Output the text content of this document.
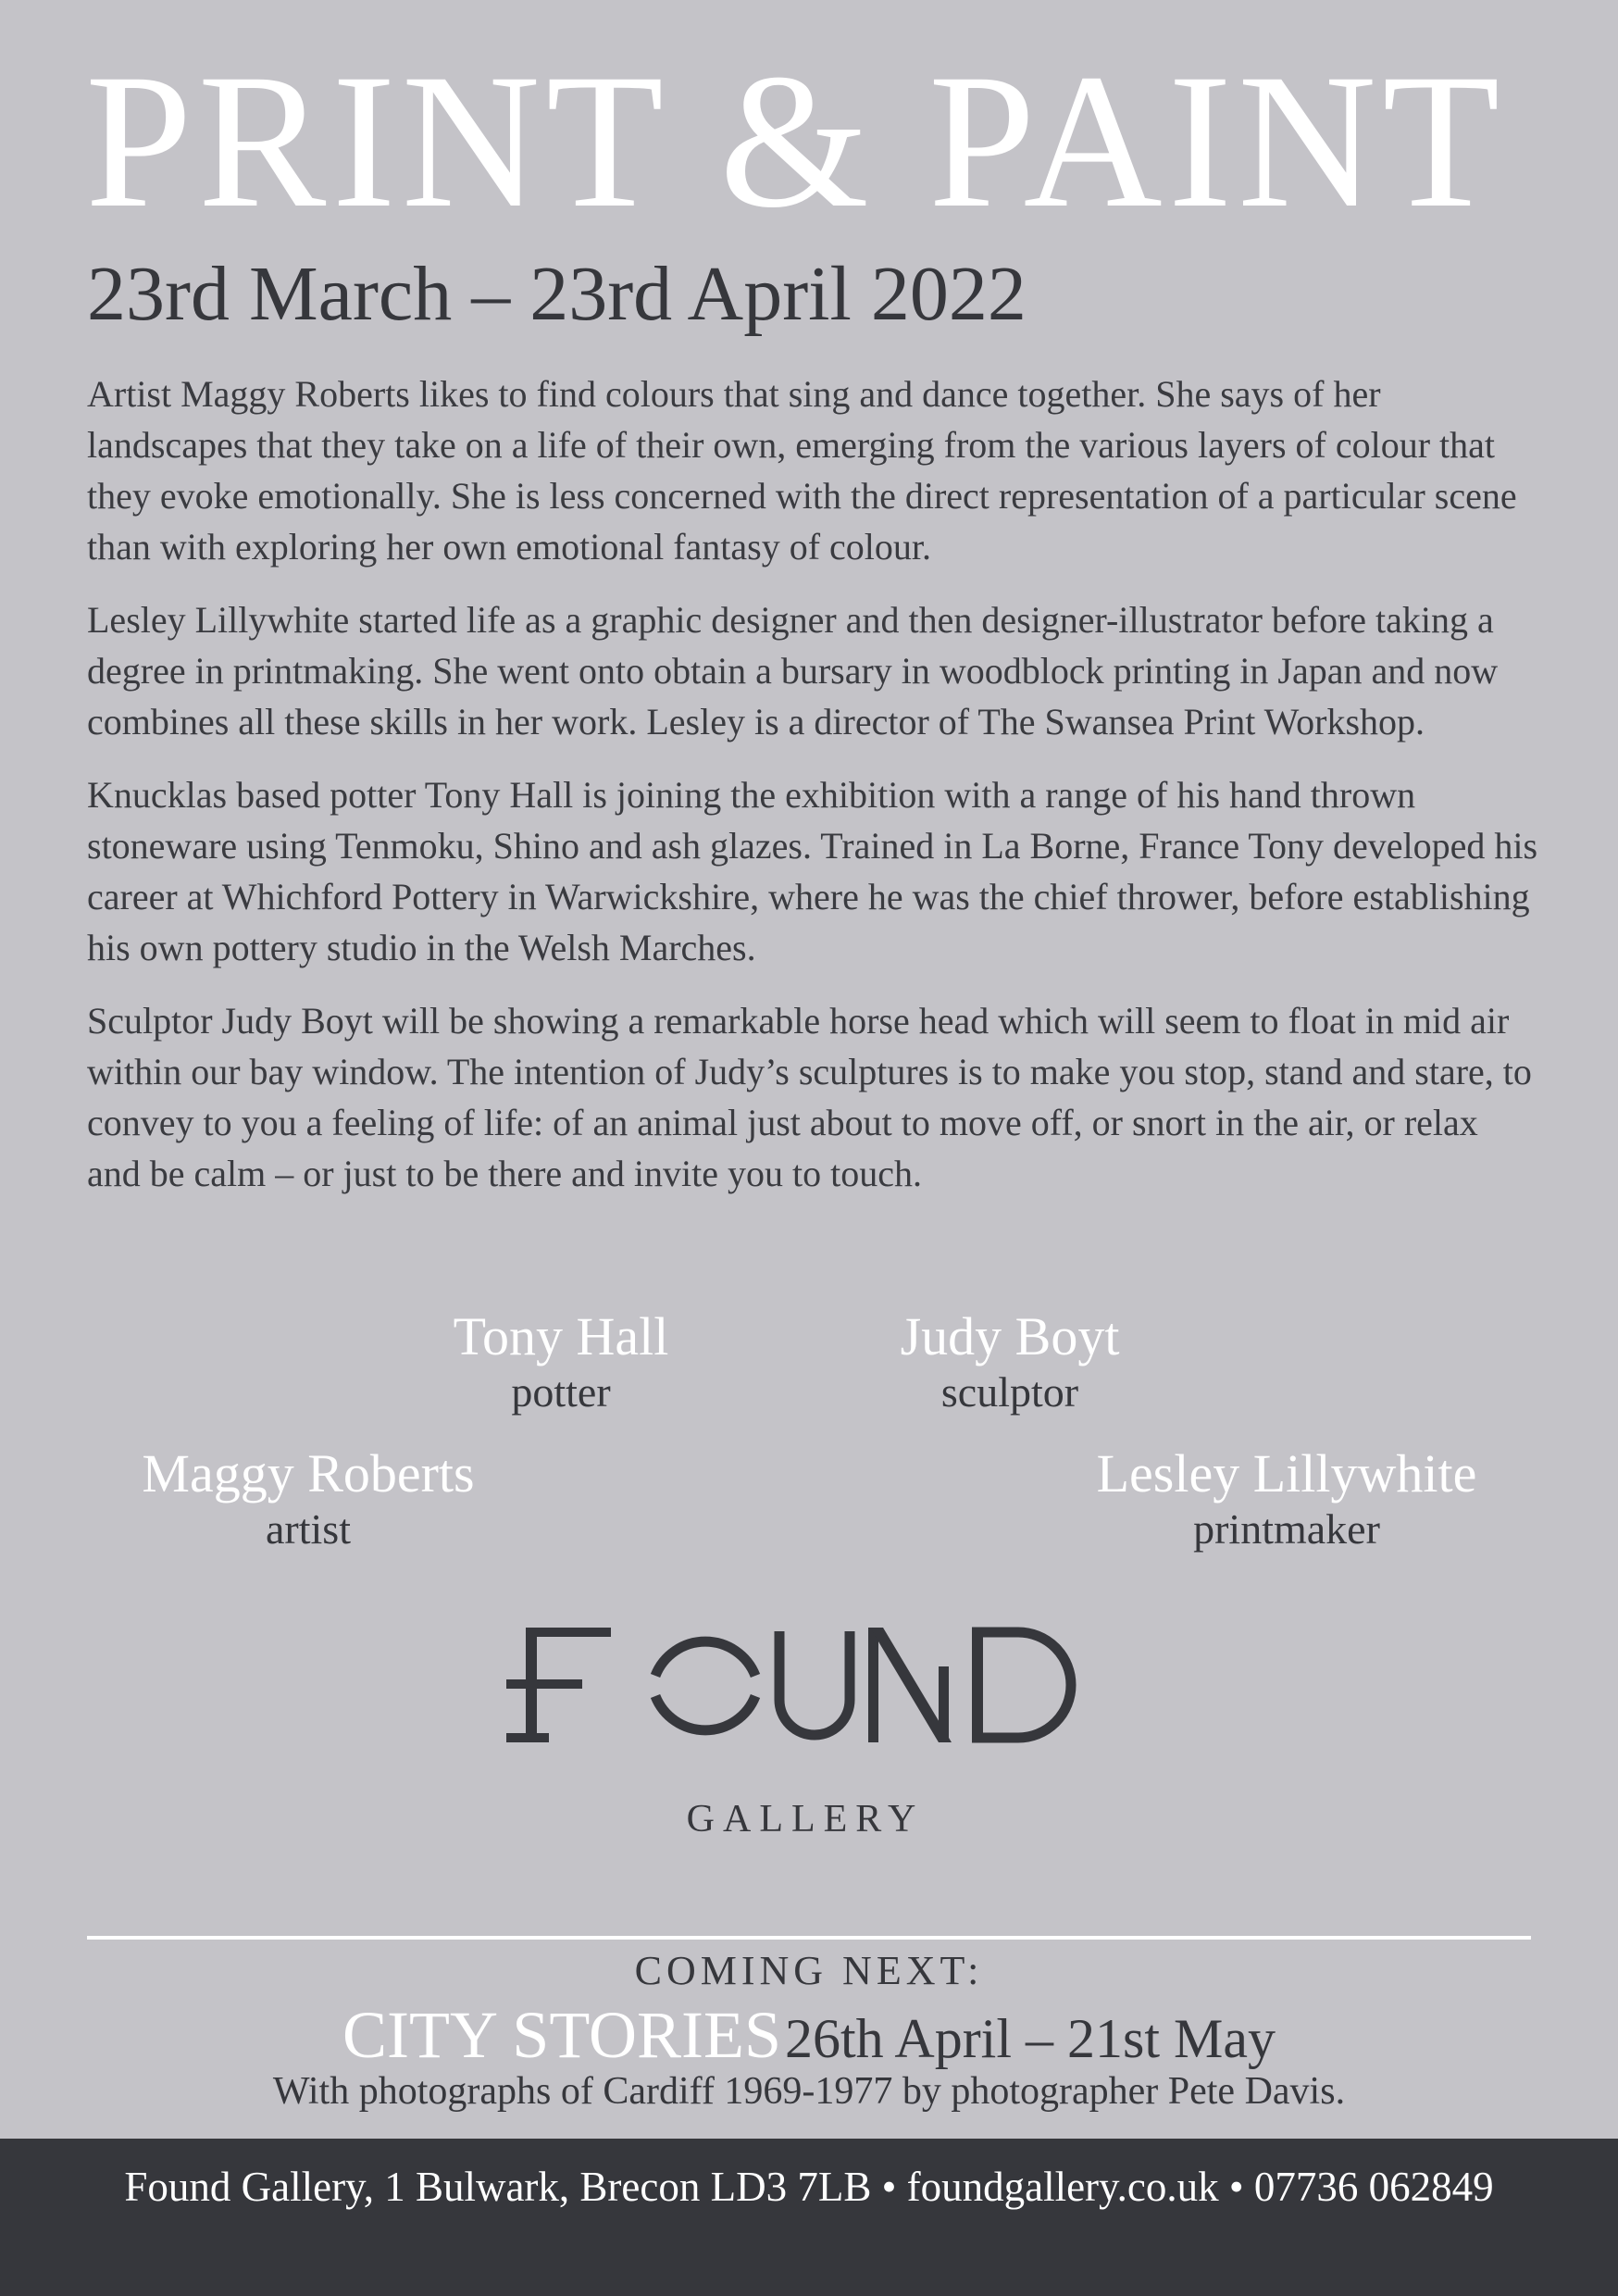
PRINT & PAINT
23rd March – 23rd April 2022

Artist Maggy Roberts likes to find colours that sing and dance together. She says of her landscapes that they take on a life of their own, emerging from the various layers of colour that they evoke emotionally. She is less concerned with the direct representation of a particular scene than with exploring her own emotional fantasy of colour.

Lesley Lillywhite started life as a graphic designer and then designer-illustrator before taking a degree in printmaking. She went onto obtain a bursary in woodblock printing in Japan and now combines all these skills in her work. Lesley is a director of The Swansea Print Workshop.

Knucklas based potter Tony Hall is joining the exhibition with a range of his hand thrown stoneware using Tenmoku, Shino and ash glazes. Trained in La Borne, France Tony developed his career at Whichford Pottery in Warwickshire, where he was the chief thrower, before establishing his own pottery studio in the Welsh Marches.

Sculptor Judy Boyt will be showing a remarkable horse head which will seem to float in mid air within our bay window. The intention of Judy’s sculptures is to make you stop, stand and stare, to convey to you a feeling of life: of an animal just about to move off, or snort in the air, or relax and be calm – or just to be there and invite you to touch.

Tony Hall
potter
Judy Boyt
sculptor
Maggy Roberts
artist
Lesley Lillywhite
printmaker
GALLERY
COMING NEXT:
CITY STORIES 26th April – 21st May
With photographs of Cardiff 1969-1977 by photographer Pete Davis.
Found Gallery, 1 Bulwark, Brecon LD3 7LB • foundgallery.co.uk • 07736 062849
